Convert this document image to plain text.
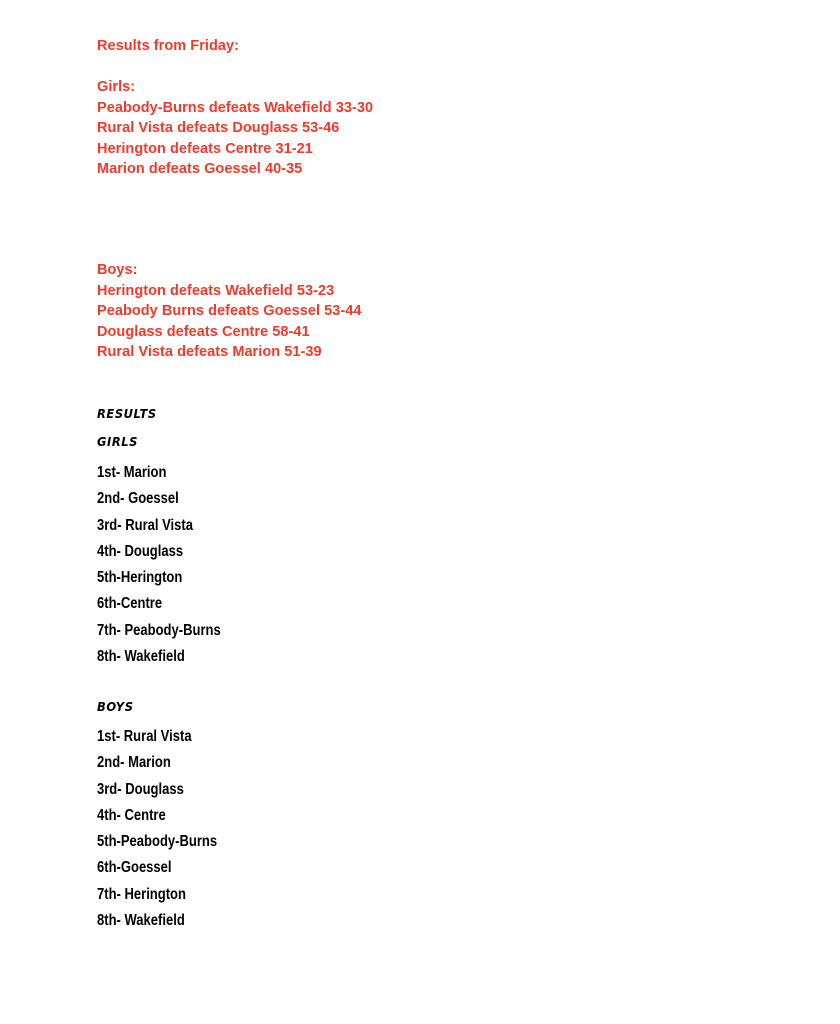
Results from Friday:
Girls:
Peabody-Burns defeats Wakefield 33-30
Rural Vista defeats Douglass 53-46
Herington defeats Centre 31-21
Marion defeats Goessel 40-35
Boys:
Herington defeats Wakefield 53-23
Peabody Burns defeats Goessel 53-44
Douglass defeats Centre 58-41
Rural Vista defeats Marion 51-39
RESULTS
GIRLS
1st- Marion
2nd- Goessel
3rd- Rural Vista
4th- Douglass
5th-Herington
6th-Centre
7th- Peabody-Burns
8th- Wakefield
BOYS
1st- Rural Vista
2nd- Marion
3rd- Douglass
4th- Centre
5th-Peabody-Burns
6th-Goessel
7th- Herington
8th- Wakefield
